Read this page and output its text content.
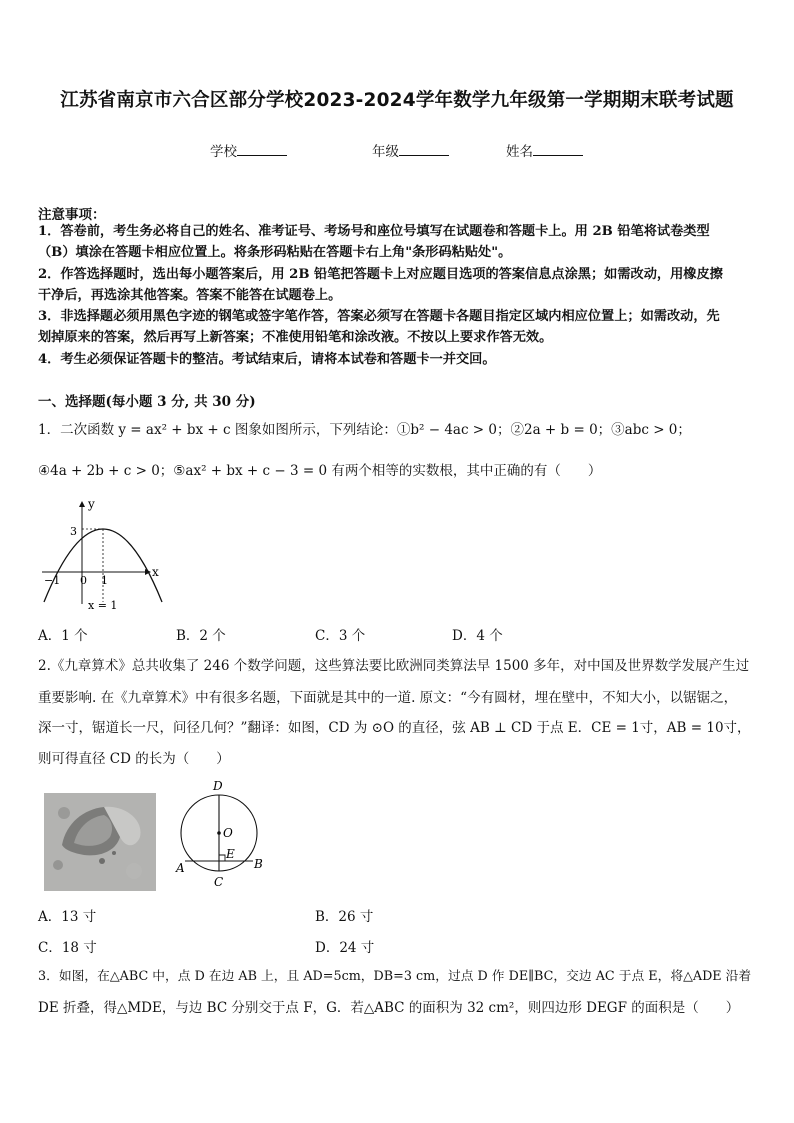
江苏省南京市六合区部分学校2023-2024学年数学九年级第一学期期末联考试题
学校	年级	姓名
注意事项：
1．答卷前，考生务必将自己的姓名、准考证号、考场号和座位号填写在试题卷和答题卡上。用 2B 铅笔将试卷类型
（B）填涂在答题卡相应位置上。将条形码粘贴在答题卡右上角"条形码粘贴处"。
2．作答选择题时，选出每小题答案后，用 2B 铅笔把答题卡上对应题目选项的答案信息点涂黑；如需改动，用橡皮擦
干净后，再选涂其他答案。答案不能答在试题卷上。
3．非选择题必须用黑色字迹的钢笔或签字笔作答，答案必须写在答题卡各题目指定区域内相应位置上；如需改动，先
划掉原来的答案，然后再写上新答案；不准使用铅笔和涂改液。不按以上要求作答无效。
4．考生必须保证答题卡的整洁。考试结束后，请将本试卷和答题卡一并交回。
一、选择题(每小题 3 分, 共 30 分)
1．二次函数 y = ax² + bx + c 图象如图所示，下列结论：①b² − 4ac > 0；②2a + b = 0；③abc > 0；
④4a + 2b + c > 0；⑤ax² + bx + c − 3 = 0 有两个相等的实数根，其中正确的有（　　）
y
x
3
−1 0 1
x = 1
A．1 个	B．2 个	C．3 个	D．4 个
2.《九章算术》总共收集了 246 个数学问题，这些算法要比欧洲同类算法早 1500 多年，对中国及世界数学发展产生过
重要影响. 在《九章算术》中有很多名题，下面就是其中的一道. 原文：“今有圆材，埋在壁中，不知大小，以锯锯之，
深一寸，锯道长一尺，问径几何？”翻译：如图，CD 为 ⊙O 的直径，弦 AB ⊥ CD 于点 E．CE = 1寸，AB = 10寸，
则可得直径 CD 的长为（　　）
D
O
E
A	B
C
A．13 寸	B．26 寸
C．18 寸	D．24 寸
3．如图，在△ABC 中，点 D 在边 AB 上，且 AD=5cm，DB=3 cm，过点 D 作 DE∥BC，交边 AC 于点 E，将△ADE 沿着
DE 折叠，得△MDE，与边 BC 分别交于点 F，G．若△ABC 的面积为 32 cm²，则四边形 DEGF 的面积是（　　）
